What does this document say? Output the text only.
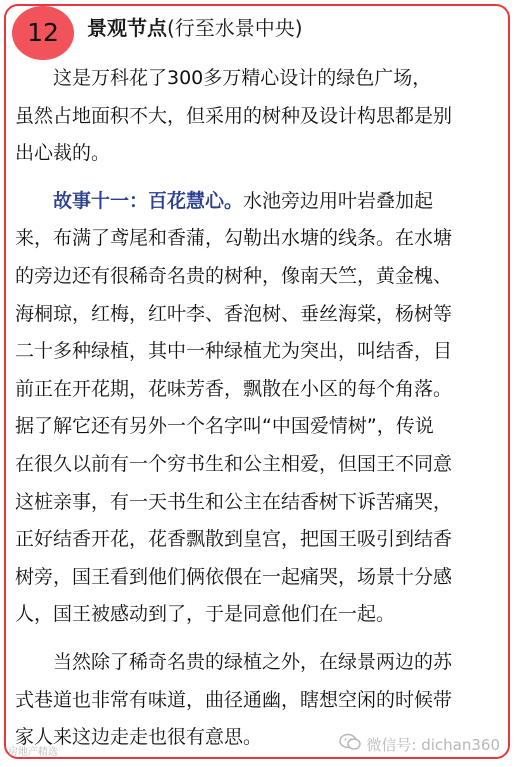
12	景观节点(行至水景中央)

　　这是万科花了300多万精心设计的绿色广场，
虽然占地面积不大，但采用的树种及设计构思都是别
出心裁的。

　　故事十一：百花慧心。水池旁边用叶岩叠加起
来，布满了鸢尾和香蒲，勾勒出水塘的线条。在水塘
的旁边还有很稀奇名贵的树种，像南天竺，黄金槐、
海桐琼，红梅，红叶李、香泡树、垂丝海棠，杨树等
二十多种绿植，其中一种绿植尤为突出，叫结香，目
前正在开花期，花味芳香，飘散在小区的每个角落。
据了解它还有另外一个名字叫“中国爱情树”，传说
在很久以前有一个穷书生和公主相爱，但国王不同意
这桩亲事，有一天书生和公主在结香树下诉苦痛哭，
正好结香开花，花香飘散到皇宫，把国王吸引到结香
树旁，国王看到他们俩依偎在一起痛哭，场景十分感
人，国王被感动到了，于是同意他们在一起。

　　当然除了稀奇名贵的绿植之外，在绿景两边的苏
式巷道也非常有味道，曲径通幽，瞎想空闲的时候带
家人来这边走走也很有意思。

房地产精选	微信号: dichan360
